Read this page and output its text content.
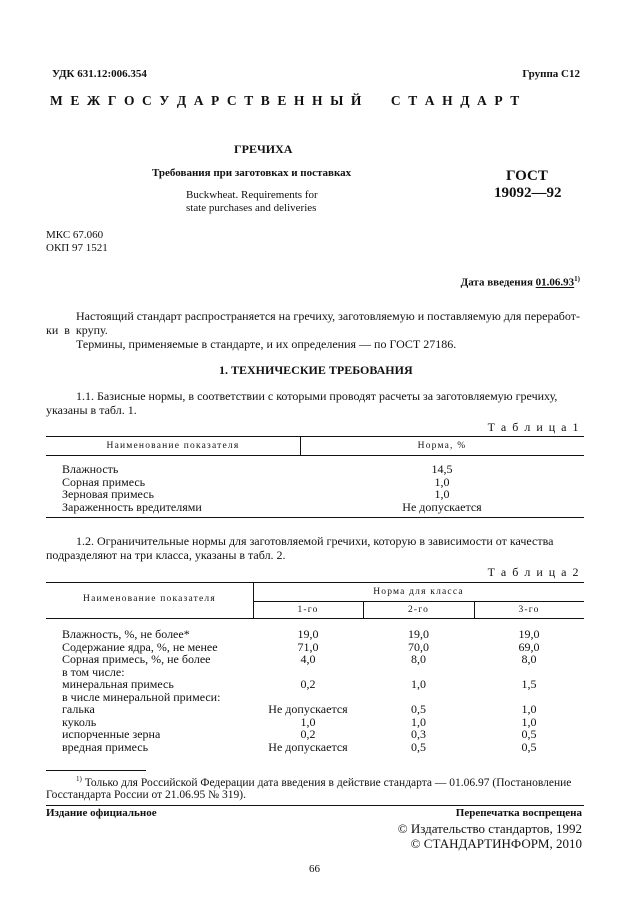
УДК 631.12:006.354	Группа С12
М Е Ж Г О С У Д А Р С Т В Е Н Н Ы Й     С Т А Н Д А Р Т
ГРЕЧИХА
Требования при заготовках и поставках
Buckwheat. Requirements for
state purchases and deliveries
ГОСТ
19092—92
МКС 67.060
ОКП 97 1521
Дата введения 01.06.93$^{1)}$
Настоящий стандарт распространяется на гречиху, заготовляемую и поставляемую для переработ-
ки в крупу.
Термины, применяемые в стандарте, и их определения — по ГОСТ 27186.
1. ТЕХНИЧЕСКИЕ ТРЕБОВАНИЯ
1.1. Базисные нормы, в соответствии с которыми проводят расчеты за заготовляемую гречиху,
указаны в табл. 1.
Т а б л и ц а 1
Наименование показателя	Норма, %
Влажность	14,5
Сорная примесь	1,0
Зерновая примесь	1,0
Зараженность вредителями	Не допускается
1.2. Ограничительные нормы для заготовляемой гречихи, которую в зависимости от качества
подразделяют на три класса, указаны в табл. 2.
Т а б л и ц а 2
Наименование показателя
Норма для класса
1-го	2-го	3-го
Влажность, %, не более*	19,0	19,0	19,0
Содержание ядра, %, не менее	71,0	70,0	69,0
Сорная примесь, %, не более	4,0	8,0	8,0
в том числе:			
минеральная примесь	0,2	1,0	1,5
в числе минеральной примеси:			
галька	Не допускается	0,5	1,0
куколь	1,0	1,0	1,0
испорченные зерна	0,2	0,3	0,5
вредная примесь	Не допускается	0,5	0,5
$^{1)}$ Только для Российской Федерации дата введения в действие стандарта — 01.06.97 (Постановление
Госстандарта России от 21.06.95 № 319).
Издание официальное	Перепечатка воспрещена
© Издательство стандартов, 1992
© СТАНДАРТИНФОРМ, 2010
66
